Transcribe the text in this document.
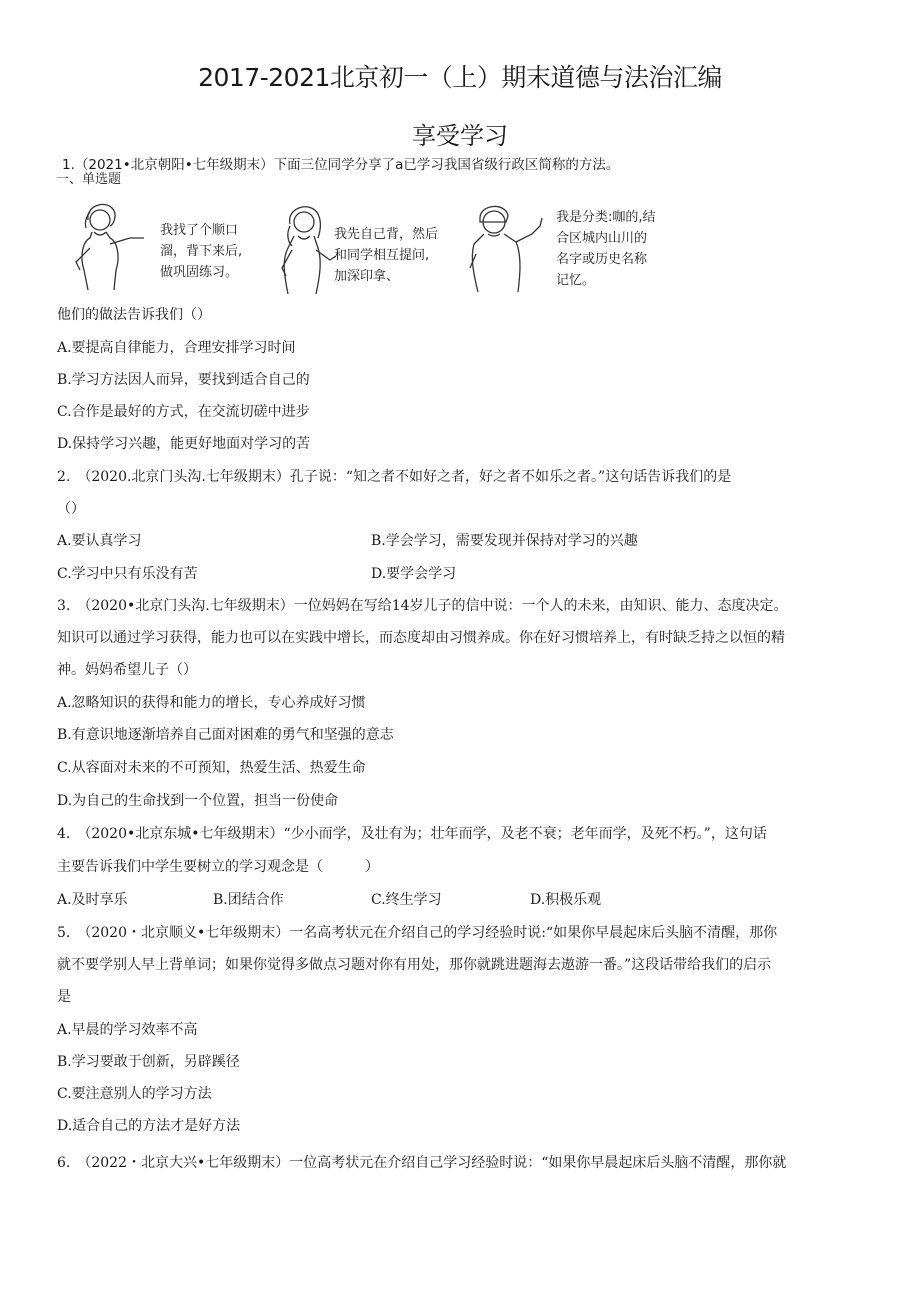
2017-2021北京初一（上）期末道德与法治汇编
享受学习
1.（2021•北京朝阳•七年级期末）下面三位同学分享了a已学习我国省级行政区简称的方法。
一、单选题
我找了个顺口
溜，背下来后,
做巩固练习。
我先自己背，然后
和同学相互提问,
加深印拿、
我是分类:咖的,结
合区城内山川的
名字或历史名称
记忆。
他们的做法告诉我们（）
A.要提高自律能力，合理安排学习时间
B.学习方法因人而异，要找到适合自己的
C.合作是最好的方式，在交流切磋中进步
D.保持学习兴趣，能更好地面对学习的苦
2.　（2020.北京门头沟.七年级期末）孔子说：“知之者不如好之者，好之者不如乐之者。”这句话告诉我们的是
（）
A.要认真学习	B.学会学习，需要发现并保持对学习的兴趣
C.学习中只有乐没有苦	D.要学会学习
3.　（2020•北京门头沟.七年级期末）一位妈妈在写给14岁儿子的信中说：一个人的未来，由知识、能力、态度决定。
知识可以通过学习获得，能力也可以在实践中增长，而态度却由习惯养成。你在好习惯培养上，有时缺乏持之以恒的精
神。妈妈希望儿子（）
A.忽略知识的获得和能力的增长，专心养成好习惯
B.有意识地逐渐培养自己面对困难的勇气和坚强的意志
C.从容面对未来的不可预知，热爱生活、热爱生命
D.为自己的生命找到一个位置，担当一份使命
4.　（2020•北京东城•七年级期末）“少小而学，及壮有为；壮年而学，及老不衰；老年而学，及死不朽。”，这句话
主要告诉我们中学生要树立的学习观念是（　　　）
A.及时享乐	B.团结合作	C.终生学习	D.积极乐观
5.　（2020・北京顺义•七年级期末）一名高考状元在介绍自己的学习经验时说:“如果你早晨起床后头脑不清醒，那你
就不要学别人早上背单词；如果你觉得多做点习题对你有用处，那你就跳进题海去遨游一番。”这段话带给我们的启示
是
A.早晨的学习效率不高
B.学习要敢于创新，另辟蹊径
C.要注意别人的学习方法
D.适合自己的方法才是好方法
6.　（2022・北京大兴•七年级期末）一位高考状元在介绍自己学习经验时说：“如果你早晨起床后头脑不清醒，那你就
